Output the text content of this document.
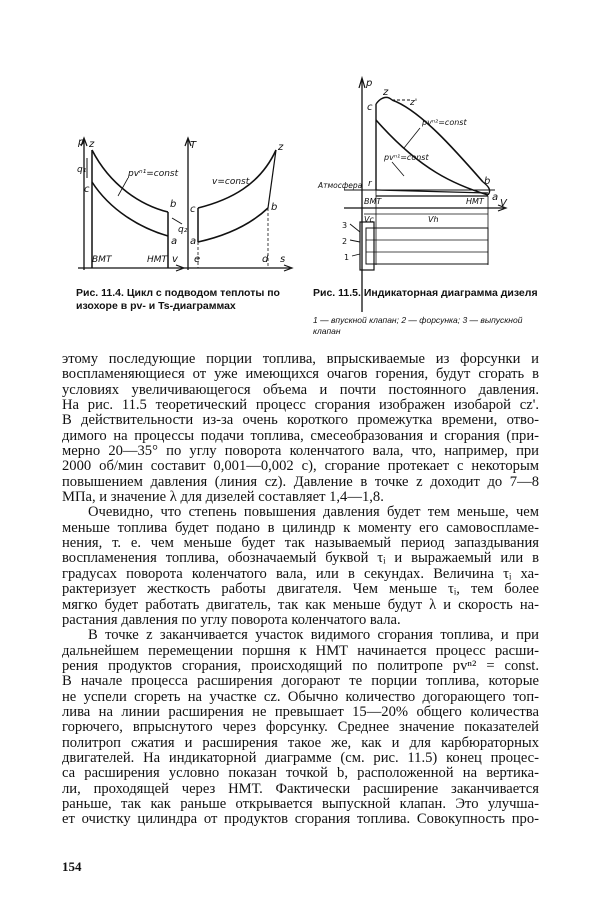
p z
q₁
c
pvⁿ¹=const
b
q₂
a
ВМТ	НМТ v
T	z
v=const
c	b
a
e	d s
p
z
z'
c
pvⁿ²=const
pvⁿ¹=const
Атмосфера r	b
a
ВМТ	НМТ V
Vc	Vh
3
2
1
Рис. 11.4. Цикл с подводом теплоты по изохоре в pv- и Ts-диаграммах
Рис. 11.5. Индикаторная диаграмма дизеля
1 — впускной клапан; 2 — форсунка; 3 — выпускной клапан

этому последующие порции топлива, впрыскиваемые из форсунки и
воспламеняющиеся от уже имеющихся очагов горения, будут сгорать в
условиях увеличивающегося объема и почти постоянного давления.
На рис. 11.5 теоретический процесс сгорания изображен изобарой cz'.
В действительности из-за очень короткого промежутка времени, отво-
димого на процессы подачи топлива, смесеобразования и сгорания (при-
мерно 20—35° по углу поворота коленчатого вала, что, например, при
2000 об/мин составит 0,001—0,002 с), сгорание протекает с некоторым
повышением давления (линия cz). Давление в точке z доходит до 7—8
МПа, и значение λ для дизелей составляет 1,4—1,8.

Очевидно, что степень повышения давления будет тем меньше, чем
меньше топлива будет подано в цилиндр к моменту его самовоспламе-
нения, т. е. чем меньше будет так называемый период запаздывания
воспламенения топлива, обозначаемый буквой τᵢ и выражаемый или в
градусах поворота коленчатого вала, или в секундах. Величина τᵢ ха-
рактеризует жесткость работы двигателя. Чем меньше τᵢ, тем более
мягко будет работать двигатель, так как меньше будут λ и скорость на-
растания давления по углу поворота коленчатого вала.

В точке z заканчивается участок видимого сгорания топлива, и при
дальнейшем перемещении поршня к НМТ начинается процесс расши-
рения продуктов сгорания, происходящий по политропе pvⁿ² = const.
В начале процесса расширения догорают те порции топлива, которые
не успели сгореть на участке cz. Обычно количество догорающего топ-
лива на линии расширения не превышает 15—20% общего количества
горючего, впрыснутого через форсунку. Среднее значение показателей
политроп сжатия и расширения такое же, как и для карбюраторных
двигателей. На индикаторной диаграмме (см. рис. 11.5) конец процес-
са расширения условно показан точкой b, расположенной на вертика-
ли, проходящей через НМТ. Фактически расширение заканчивается
раньше, так как раньше открывается выпускной клапан. Это улучша-
ет очистку цилиндра от продуктов сгорания топлива. Совокупность про-

154
